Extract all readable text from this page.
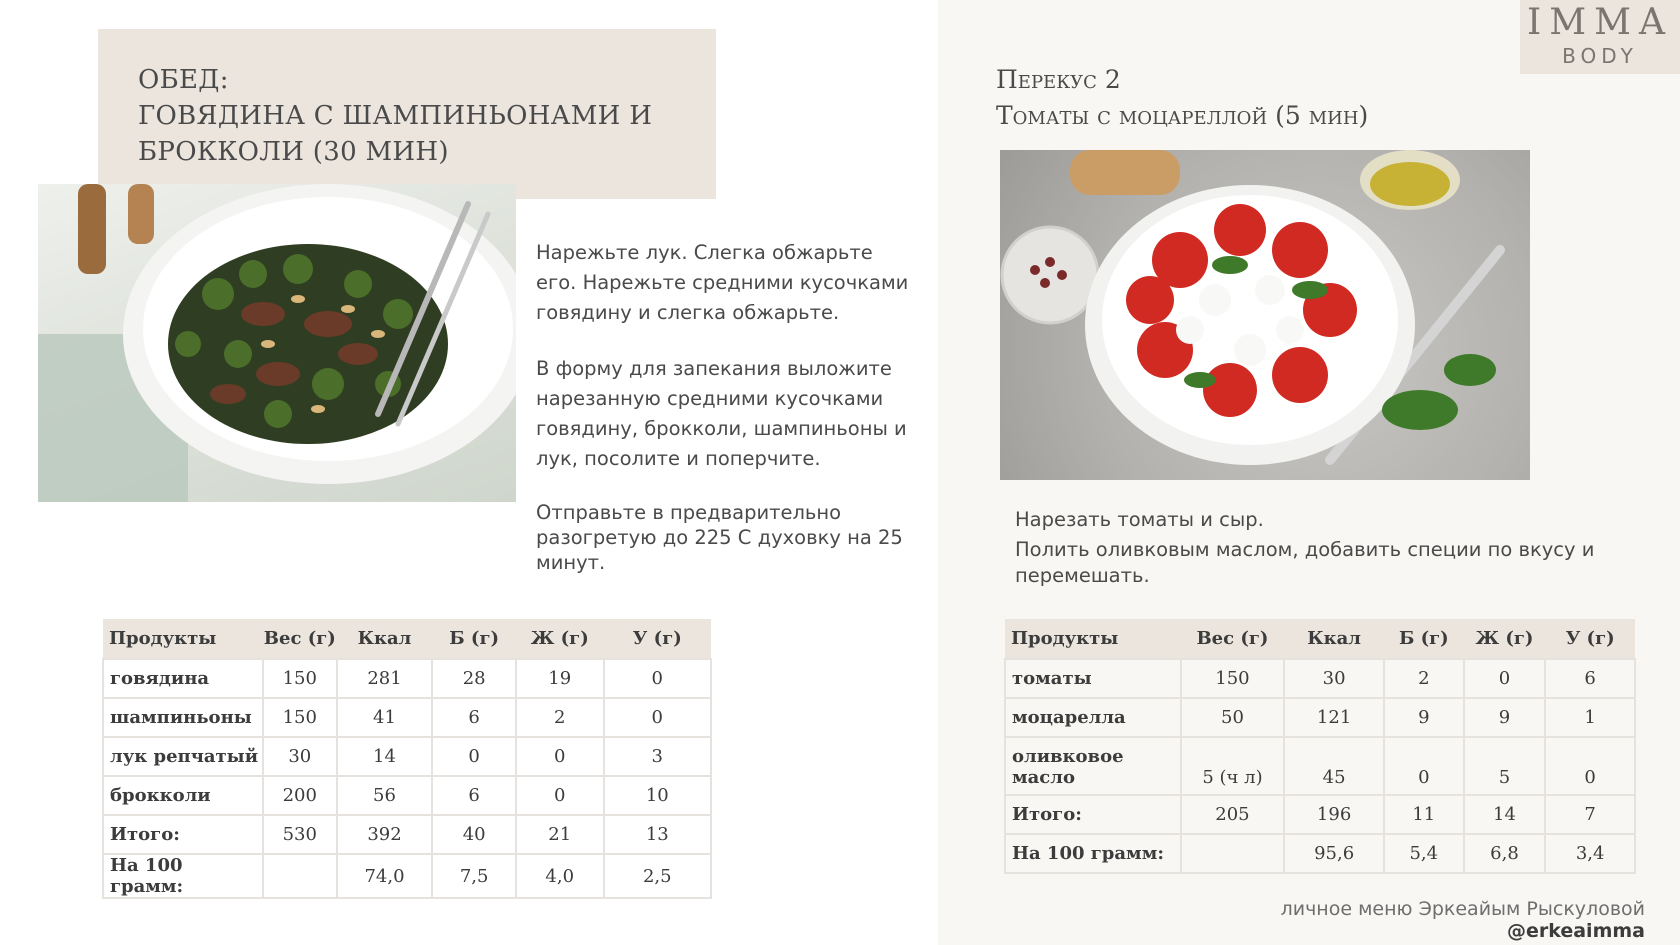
ОБЕД:
ГОВЯДИНА С ШАМПИНЬОНАМИ И
БРОККОЛИ (30 МИН)

Нарежьте лук. Слегка обжарьте его. Нарежьте средними кусочками говядину и слегка обжарьте.

В форму для запекания выложите нарезанную средними кусочками говядину, брокколи, шампиньоны и лук, посолите и поперчите.

Отправьте в предварительно разогретую до 225 С духовку на 25 минут.

Продукты	Вес (г)	Ккал	Б (г)	Ж (г)	У (г)
говядина	150	281	28	19	0
шампиньоны	150	41	6	2	0
лук репчатый	30	14	0	0	3
брокколи	200	56	6	0	10
Итого:	530	392	40	21	13
На 100 грамм:		74,0	7,5	4,0	2,5
IMMA
BODY
Перекус 2
Томаты с моцареллой (5 мин)

Нарезать томаты и сыр.

Полить оливковым маслом, добавить специи по вкусу и перемешать.

Продукты	Вес (г)	Ккал	Б (г)	Ж (г)	У (г)
томаты	150	30	2	0	6
моцарелла	50	121	9	9	1
оливковое масло	5 (ч л)	45	0	5	0
Итого:	205	196	11	14	7
На 100 грамм:		95,6	5,4	6,8	3,4
личное меню Эркеайым Рыскуловой @erkeaimma
